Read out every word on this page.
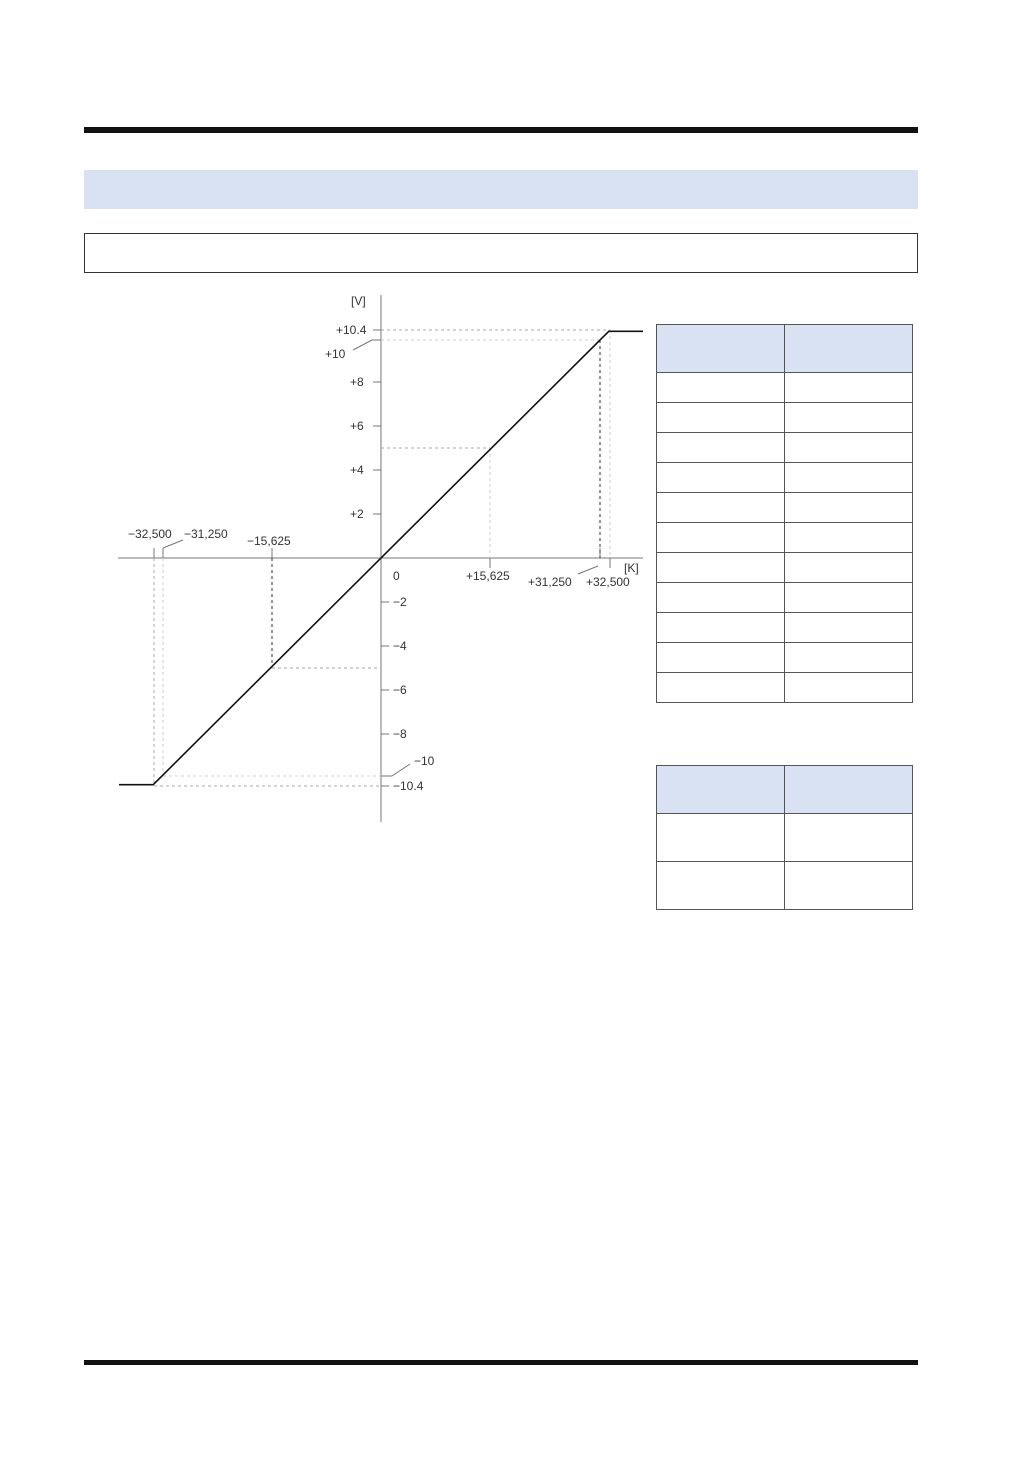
[V]
[K]
+10.4
+10
+8
+6
+4
+2
−2
−4
−6
−8
−10
−10.4
0	+15,625 +31,250 +32,500
−15,625
−31,250
−32,500
